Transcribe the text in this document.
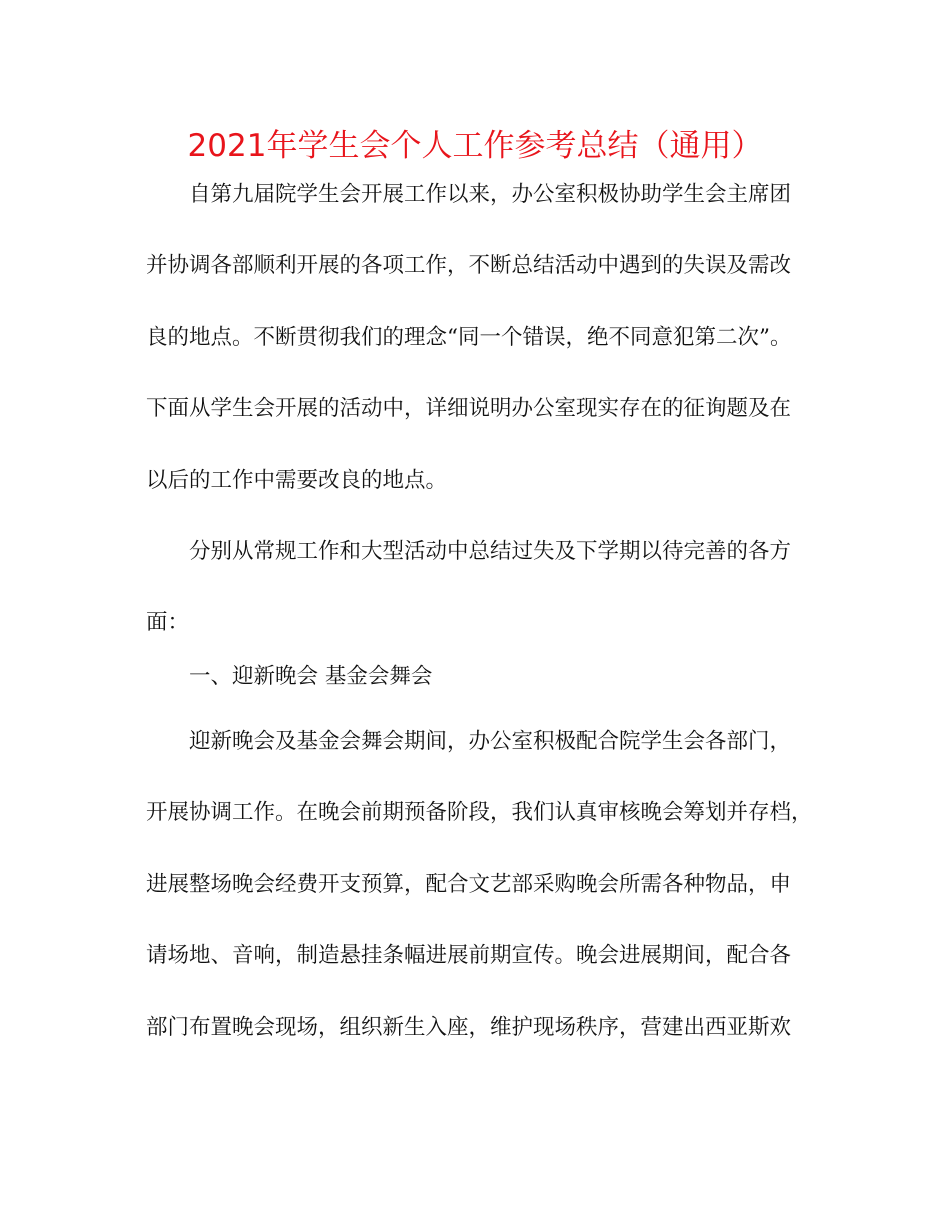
2021年学生会个人工作参考总结（通用）
自第九届院学生会开展工作以来，办公室积极协助学生会主席团
并协调各部顺利开展的各项工作，不断总结活动中遇到的失误及需改
良的地点。不断贯彻我们的理念“同一个错误，绝不同意犯第二次”。
下面从学生会开展的活动中，详细说明办公室现实存在的征询题及在
以后的工作中需要改良的地点。
分别从常规工作和大型活动中总结过失及下学期以待完善的各方
面：
一、迎新晚会 基金会舞会
迎新晚会及基金会舞会期间，办公室积极配合院学生会各部门，
开展协调工作。在晚会前期预备阶段，我们认真审核晚会筹划并存档，
进展整场晚会经费开支预算，配合文艺部采购晚会所需各种物品，申
请场地、音响，制造悬挂条幅进展前期宣传。晚会进展期间，配合各
部门布置晚会现场，组织新生入座，维护现场秩序，营建出西亚斯欢
